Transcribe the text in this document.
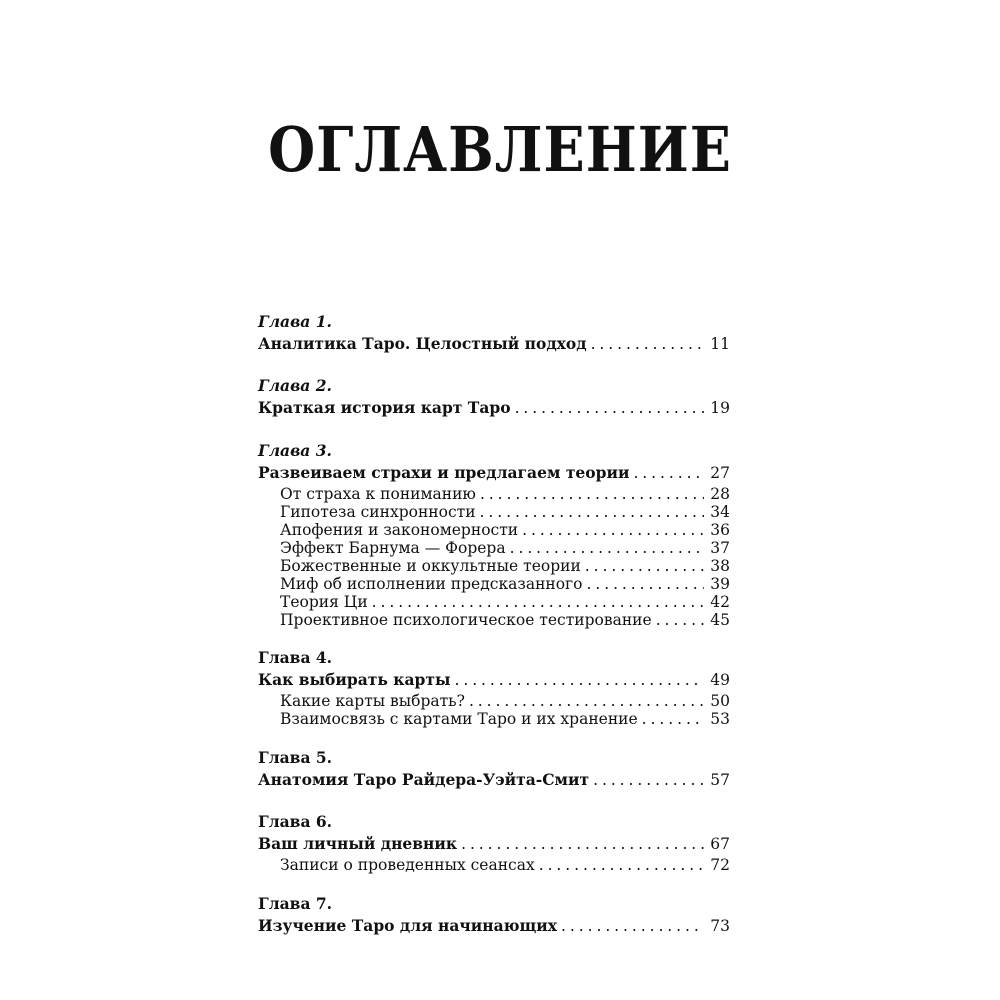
ОГЛАВЛЕНИЕ
Глава 1.
Аналитика Таро. Целостный подход . . .	11
Глава 2.
Краткая история карт Таро . . .	19
Глава 3.
Развеиваем страхи и предлагаем теории . . .	27
От страха к пониманию . . .	28
Гипотеза синхронности . . .	34
Апофения и закономерности . . .	36
Эффект Барнума — Форера . . .	37
Божественные и оккультные теории . . .	38
Миф об исполнении предсказанного . . .	39
Теория Ци . . .	42
Проективное психологическое тестирование . . .	45
Глава 4.
Как выбирать карты . . .	49
Какие карты выбрать? . . .	50
Взаимосвязь с картами Таро и их хранение . . .	53
Глава 5.
Анатомия Таро Райдера-Уэйта-Смит . . .	57
Глава 6.
Ваш личный дневник . . .	67
Записи о проведенных сеансах . . .	72
Глава 7.
Изучение Таро для начинающих . . .	73
